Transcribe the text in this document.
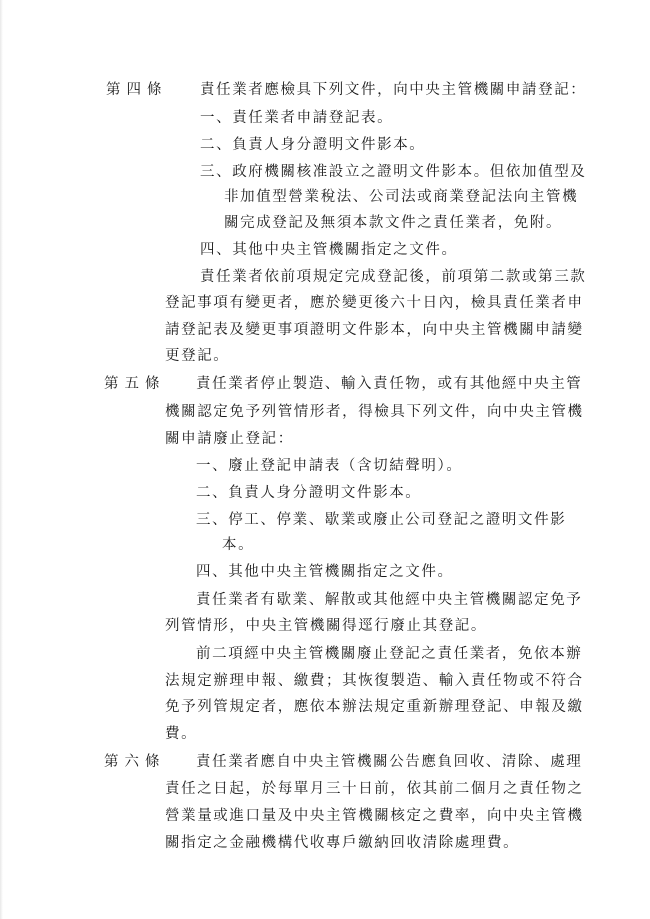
第四條 責任業者應檢具下列文件，向中央主管機關申請登記：
一、責任業者申請登記表。
二、負責人身分證明文件影本。
三、政府機關核准設立之證明文件影本。但依加值型及
非加值型營業稅法、公司法或商業登記法向主管機
關完成登記及無須本款文件之責任業者，免附。
四、其他中央主管機關指定之文件。
責任業者依前項規定完成登記後，前項第二款或第三款
登記事項有變更者，應於變更後六十日內，檢具責任業者申
請登記表及變更事項證明文件影本，向中央主管機關申請變
更登記。
第五條 責任業者停止製造、輸入責任物，或有其他經中央主管
機關認定免予列管情形者，得檢具下列文件，向中央主管機
關申請廢止登記：
一、廢止登記申請表（含切結聲明）。
二、負責人身分證明文件影本。
三、停工、停業、歇業或廢止公司登記之證明文件影
本。
四、其他中央主管機關指定之文件。
責任業者有歇業、解散或其他經中央主管機關認定免予
列管情形，中央主管機關得逕行廢止其登記。
前二項經中央主管機關廢止登記之責任業者，免依本辦
法規定辦理申報、繳費；其恢復製造、輸入責任物或不符合
免予列管規定者，應依本辦法規定重新辦理登記、申報及繳
費。
第六條 責任業者應自中央主管機關公告應負回收、清除、處理
責任之日起，於每單月三十日前，依其前二個月之責任物之
營業量或進口量及中央主管機關核定之費率，向中央主管機
關指定之金融機構代收專戶繳納回收清除處理費。
